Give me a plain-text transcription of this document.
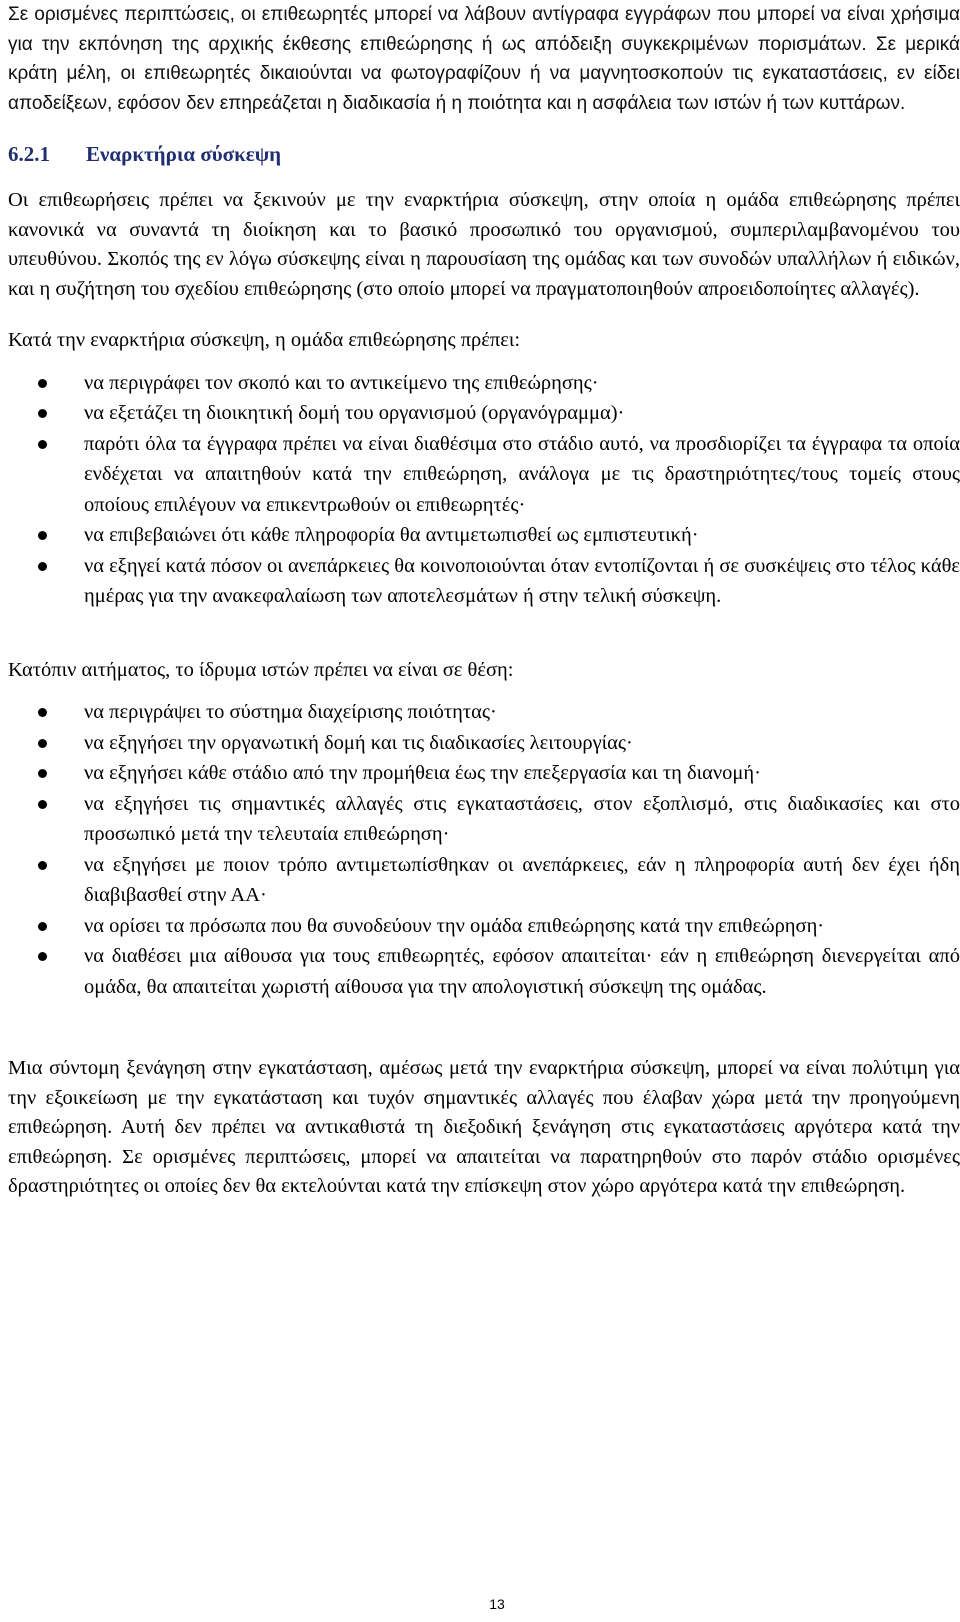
Σε ορισμένες περιπτώσεις, οι επιθεωρητές μπορεί να λάβουν αντίγραφα εγγράφων που μπορεί να είναι χρήσιμα για την εκπόνηση της αρχικής έκθεσης επιθεώρησης ή ως απόδειξη συγκεκριμένων πορισμάτων. Σε μερικά κράτη μέλη, οι επιθεωρητές δικαιούνται να φωτογραφίζουν ή να μαγνητοσκοπούν τις εγκαταστάσεις, εν είδει αποδείξεων, εφόσον δεν επηρεάζεται η διαδικασία ή η ποιότητα και η ασφάλεια των ιστών ή των κυττάρων.

6.2.1 Εναρκτήρια σύσκεψη

Οι επιθεωρήσεις πρέπει να ξεκινούν με την εναρκτήρια σύσκεψη, στην οποία η ομάδα επιθεώρησης πρέπει κανονικά να συναντά τη διοίκηση και το βασικό προσωπικό του οργανισμού, συμπεριλαμβανομένου του υπευθύνου. Σκοπός της εν λόγω σύσκεψης είναι η παρουσίαση της ομάδας και των συνοδών υπαλλήλων ή ειδικών, και η συζήτηση του σχεδίου επιθεώρησης (στο οποίο μπορεί να πραγματοποιηθούν απροειδοποίητες αλλαγές).

Κατά την εναρκτήρια σύσκεψη, η ομάδα επιθεώρησης πρέπει:

να περιγράφει τον σκοπό και το αντικείμενο της επιθεώρησης·
να εξετάζει τη διοικητική δομή του οργανισμού (οργανόγραμμα)·
παρότι όλα τα έγγραφα πρέπει να είναι διαθέσιμα στο στάδιο αυτό, να προσδιορίζει τα έγγραφα τα οποία ενδέχεται να απαιτηθούν κατά την επιθεώρηση, ανάλογα με τις δραστηριότητες/τους τομείς στους οποίους επιλέγουν να επικεντρωθούν οι επιθεωρητές·
να επιβεβαιώνει ότι κάθε πληροφορία θα αντιμετωπισθεί ως εμπιστευτική·
να εξηγεί κατά πόσον οι ανεπάρκειες θα κοινοποιούνται όταν εντοπίζονται ή σε συσκέψεις στο τέλος κάθε ημέρας για την ανακεφαλαίωση των αποτελεσμάτων ή στην τελική σύσκεψη.

Κατόπιν αιτήματος, το ίδρυμα ιστών πρέπει να είναι σε θέση:

να περιγράψει το σύστημα διαχείρισης ποιότητας·
να εξηγήσει την οργανωτική δομή και τις διαδικασίες λειτουργίας·
να εξηγήσει κάθε στάδιο από την προμήθεια έως την επεξεργασία και τη διανομή·
να εξηγήσει τις σημαντικές αλλαγές στις εγκαταστάσεις, στον εξοπλισμό, στις διαδικασίες και στο προσωπικό μετά την τελευταία επιθεώρηση·
να εξηγήσει με ποιον τρόπο αντιμετωπίσθηκαν οι ανεπάρκειες, εάν η πληροφορία αυτή δεν έχει ήδη διαβιβασθεί στην ΑΑ·
να ορίσει τα πρόσωπα που θα συνοδεύουν την ομάδα επιθεώρησης κατά την επιθεώρηση·
να διαθέσει μια αίθουσα για τους επιθεωρητές, εφόσον απαιτείται· εάν η επιθεώρηση διενεργείται από ομάδα, θα απαιτείται χωριστή αίθουσα για την απολογιστική σύσκεψη της ομάδας.

Μια σύντομη ξενάγηση στην εγκατάσταση, αμέσως μετά την εναρκτήρια σύσκεψη, μπορεί να είναι πολύτιμη για την εξοικείωση με την εγκατάσταση και τυχόν σημαντικές αλλαγές που έλαβαν χώρα μετά την προηγούμενη επιθεώρηση. Αυτή δεν πρέπει να αντικαθιστά τη διεξοδική ξενάγηση στις εγκαταστάσεις αργότερα κατά την επιθεώρηση. Σε ορισμένες περιπτώσεις, μπορεί να απαιτείται να παρατηρηθούν στο παρόν στάδιο ορισμένες δραστηριότητες οι οποίες δεν θα εκτελούνται κατά την επίσκεψη στον χώρο αργότερα κατά την επιθεώρηση.

13
